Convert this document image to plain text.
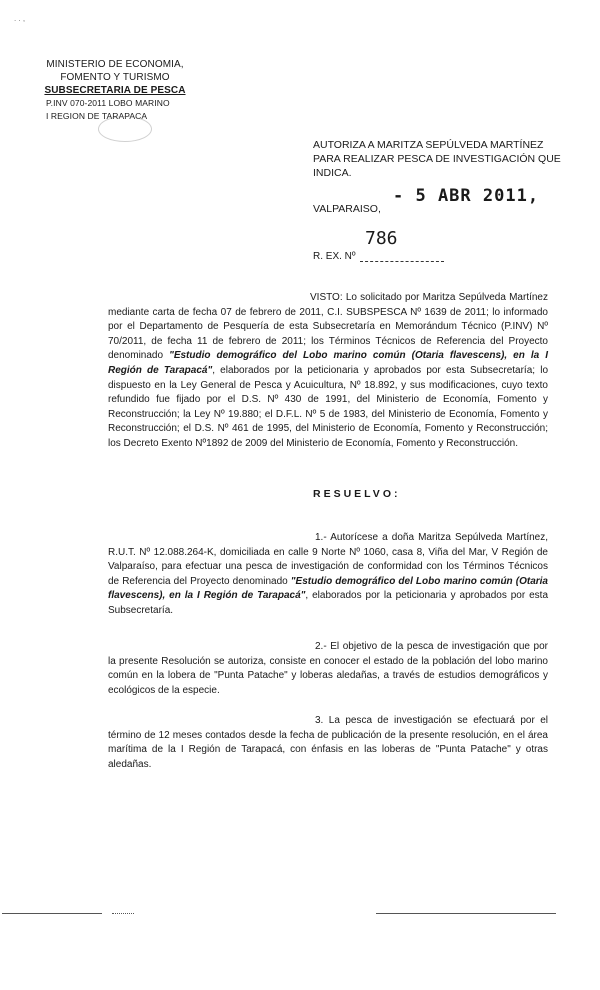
. . ,
MINISTERIO DE ECONOMIA,
FOMENTO Y TURISMO
SUBSECRETARIA DE PESCA
P.INV 070-2011 LOBO MARINO
I REGION DE TARAPACA
AUTORIZA A MARITZA SEPÚLVEDA MARTÍNEZ PARA REALIZAR PESCA DE INVESTIGACIÓN QUE INDICA.
- 5 ABR 2011,
VALPARAISO,
786
R. EX. Nº

VISTO: Lo solicitado por Maritza Sepúlveda Martínez mediante carta de fecha 07 de febrero de 2011, C.I. SUBSPESCA Nº 1639 de 2011; lo informado por el Departamento de Pesquería de esta Subsecretaría en Memorándum Técnico (P.INV) Nº 70/2011, de fecha 11 de febrero de 2011; los Términos Técnicos de Referencia del Proyecto denominado "Estudio demográfico del Lobo marino común (Otaria flavescens), en la I Región de Tarapacá", elaborados por la peticionaria y aprobados por esta Subsecretaría; lo dispuesto en la Ley General de Pesca y Acuicultura, Nº 18.892, y sus modificaciones, cuyo texto refundido fue fijado por el D.S. Nº 430 de 1991, del Ministerio de Economía, Fomento y Reconstrucción; la Ley Nº 19.880; el D.F.L. Nº 5 de 1983, del Ministerio de Economía, Fomento y Reconstrucción; el D.S. Nº 461 de 1995, del Ministerio de Economía, Fomento y Reconstrucción; los Decreto Exento Nº1892 de 2009 del Ministerio de Economía, Fomento y Reconstrucción.

RESUELVO:

1.- Autorícese a doña Maritza Sepúlveda Martínez, R.U.T. Nº 12.088.264-K, domiciliada en calle 9 Norte Nº 1060, casa 8, Viña del Mar, V Región de Valparaíso, para efectuar una pesca de investigación de conformidad con los Términos Técnicos de Referencia del Proyecto denominado "Estudio demográfico del Lobo marino común (Otaria flavescens), en la I Región de Tarapacá", elaborados por la peticionaria y aprobados por esta Subsecretaría.

2.- El objetivo de la pesca de investigación que por la presente Resolución se autoriza, consiste en conocer el estado de la población del lobo marino común en la lobera de "Punta Patache" y loberas aledañas, a través de estudios demográficos y ecológicos de la especie.

3. La pesca de investigación se efectuará por el término de 12 meses contados desde la fecha de publicación de la presente resolución, en el área marítima de la I Región de Tarapacá, con énfasis en las loberas de "Punta Patache" y otras aledañas.
